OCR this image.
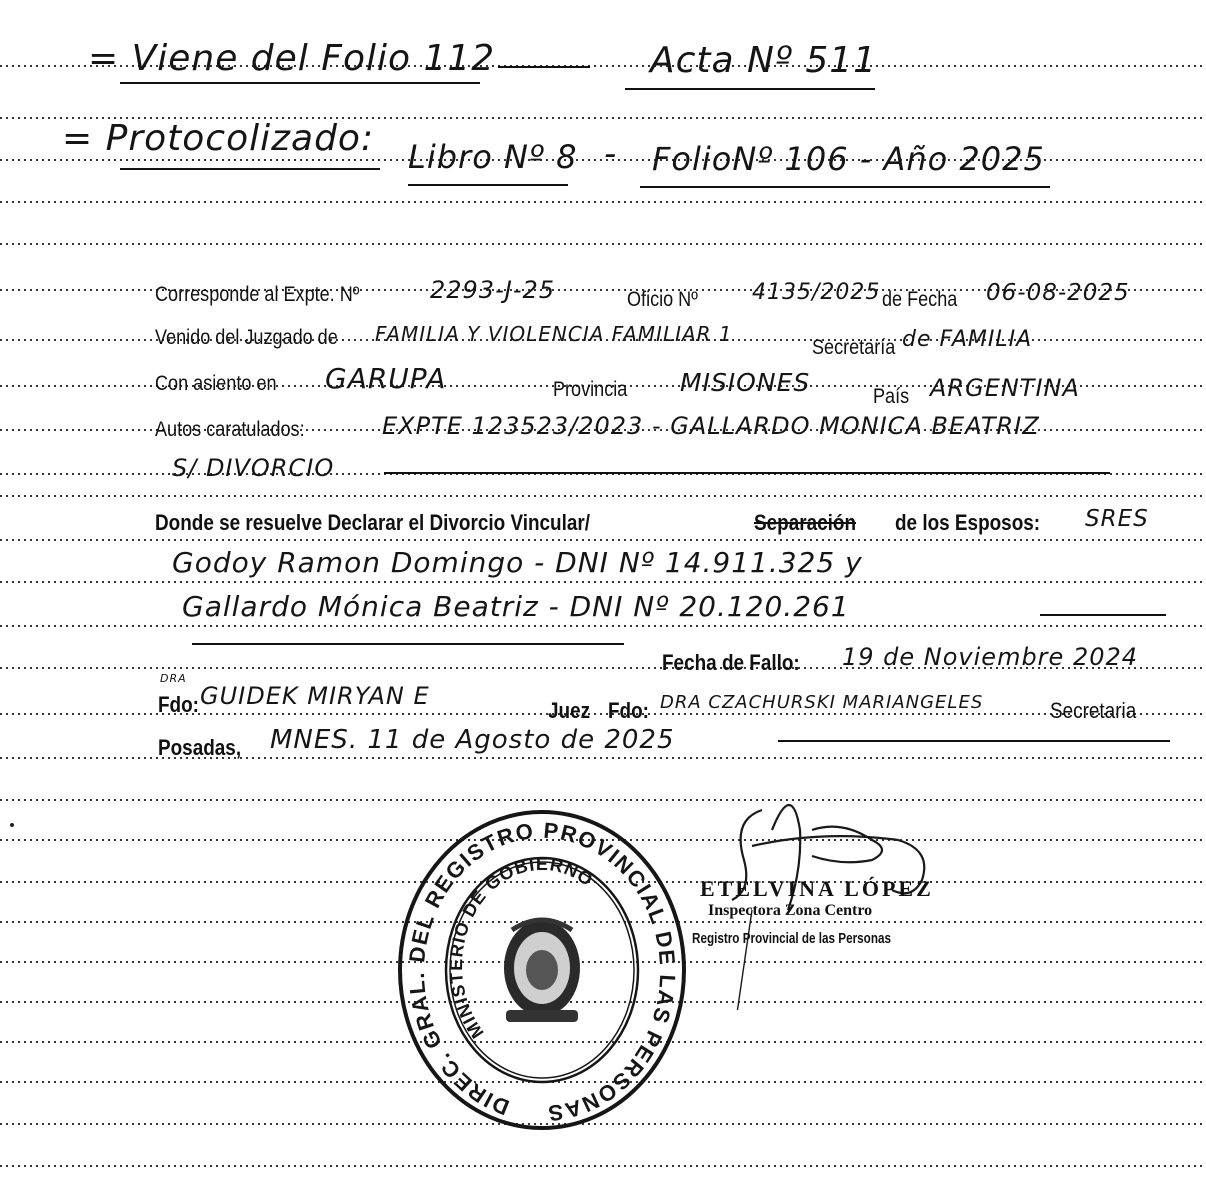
= Viene del Folio 112	Acta Nº 511
= Protocolizado: Libro Nº 8 - FolioNº 106 - Año 2025
Corresponde al Expte. Nº	2293-J-25	Oficio Nº 4135/2025 de Fecha 06-08-2025
Venido del Juzgado de FAMILIA Y VIOLENCIA FAMILIAR 1
Secretaría de FAMILIA
Con asiento en GARUPA	Provincia MISIONES	País ARGENTINA
Autos caratulados:	EXPTE 123523/2023 - GALLARDO MONICA BEATRIZ
S/ DIVORCIO
Donde se resuelve Declarar el Divorcio Vincular/	Separación de los Esposos: SRES
Godoy Ramon Domingo - DNI Nº 14.911.325 y
Gallardo Mónica Beatriz - DNI Nº 20.120.261
Fecha de Fallo: 19 de Noviembre 2024
DRA
Fdo: GUIDEK MIRYAN E
Juez Fdo: DRA CZACHURSKI MARIANGELES	Secretaria
Posadas, MNES. 11 de Agosto de 2025
DIREC. GRAL. DEL REGISTRO PROVINCIAL DE LAS PERSONAS
MINISTERIO DE GOBIERNO	ETELVINA LÓPEZ
Inspectora Zona Centro
Registro Provincial de las Personas
